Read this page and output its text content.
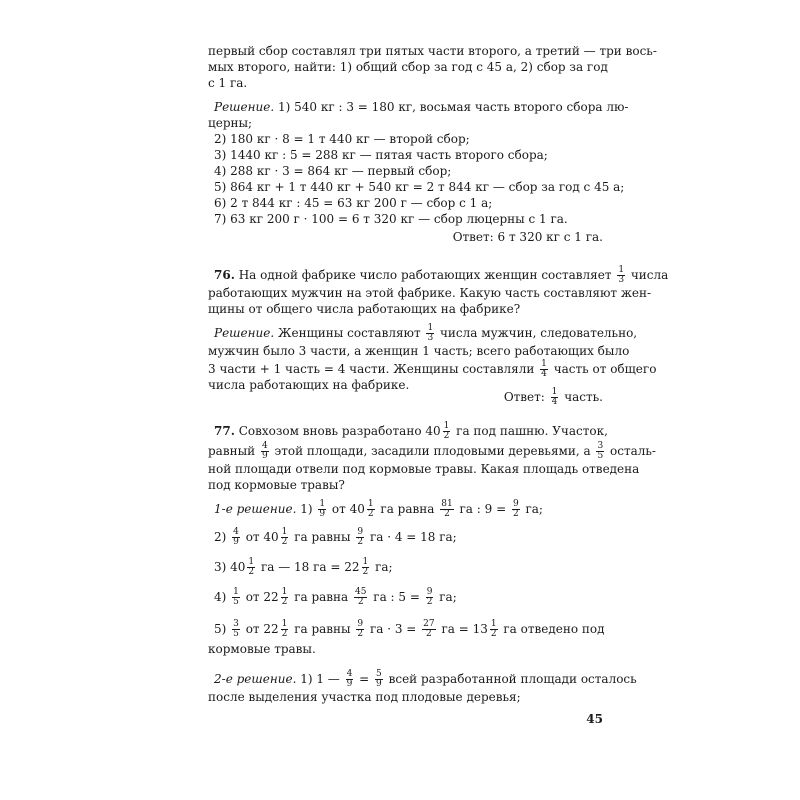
первый сбор составлял три пятых части второго, а третий — три вось-
мых второго, найти: 1) общий сбор за год с 45 а, 2) сбор за год
с 1 га.
Решение. 1) 540 кг : 3 = 180 кг, восьмая часть второго сбора лю-
церны;
2) 180 кг · 8 = 1 т 440 кг — второй сбор;
3) 1440 кг : 5 = 288 кг — пятая часть второго сбора;
4) 288 кг · 3 = 864 кг — первый сбор;
5) 864 кг + 1 т 440 кг + 540 кг = 2 т 844 кг — сбор за год с 45 а;
6) 2 т 844 кг : 45 = 63 кг 200 г — сбор с 1 а;
7) 63 кг 200 г · 100 = 6 т 320 кг — сбор люцерны с 1 га.
Ответ: 6 т 320 кг с 1 га.
76. На одной фабрике число работающих женщин составляет $\frac{1}{3}$ числа
работающих мужчин на этой фабрике. Какую часть составляют жен-
щины от общего числа работающих на фабрике?
Решение. Женщины составляют $\frac{1}{3}$ числа мужчин, следовательно,
мужчин было 3 части, а женщин 1 часть; всего работающих было
3 части + 1 часть = 4 части. Женщины составляли $\frac{1}{4}$ часть от общего
числа работающих на фабрике.
Ответ: $\frac{1}{4}$ часть.
77. Совхозом вновь разработано $40 \frac{1}{2}$ га под пашню. Участок,
равный $\frac{4}{9}$ этой площади, засадили плодовыми деревьями, а $\frac{3}{5}$ осталь-
ной площади отвели под кормовые травы. Какая площадь отведена
под кормовые травы?
1-е решение. $1) \frac{1}{9}$ от $40 \frac{1}{2}$ га равна $\frac{81}{2}$ га : $9 = \frac{9}{2}$ га;
$2) \frac{4}{9}$ от $40 \frac{1}{2}$ га равны $\frac{9}{2}$ га · 4 = 18 га;
3) $40 \frac{1}{2}$ га — 18 га = $22 \frac{1}{2}$ га;
$4) \frac{1}{5}$ от $22 \frac{1}{2}$ га равна $\frac{45}{2}$ га : $5 = \frac{9}{2}$ га;
$5) \frac{3}{5}$ от $22 \frac{1}{2}$ га равны $\frac{9}{2}$ га · $3 = \frac{27}{2}$ га = $13 \frac{1}{2}$ га отведено под
кормовые травы.
2-е решение. 1) 1 — $\frac{4}{9} = \frac{5}{9}$ всей разработанной площади осталось
после выделения участка под плодовые деревья;
45
